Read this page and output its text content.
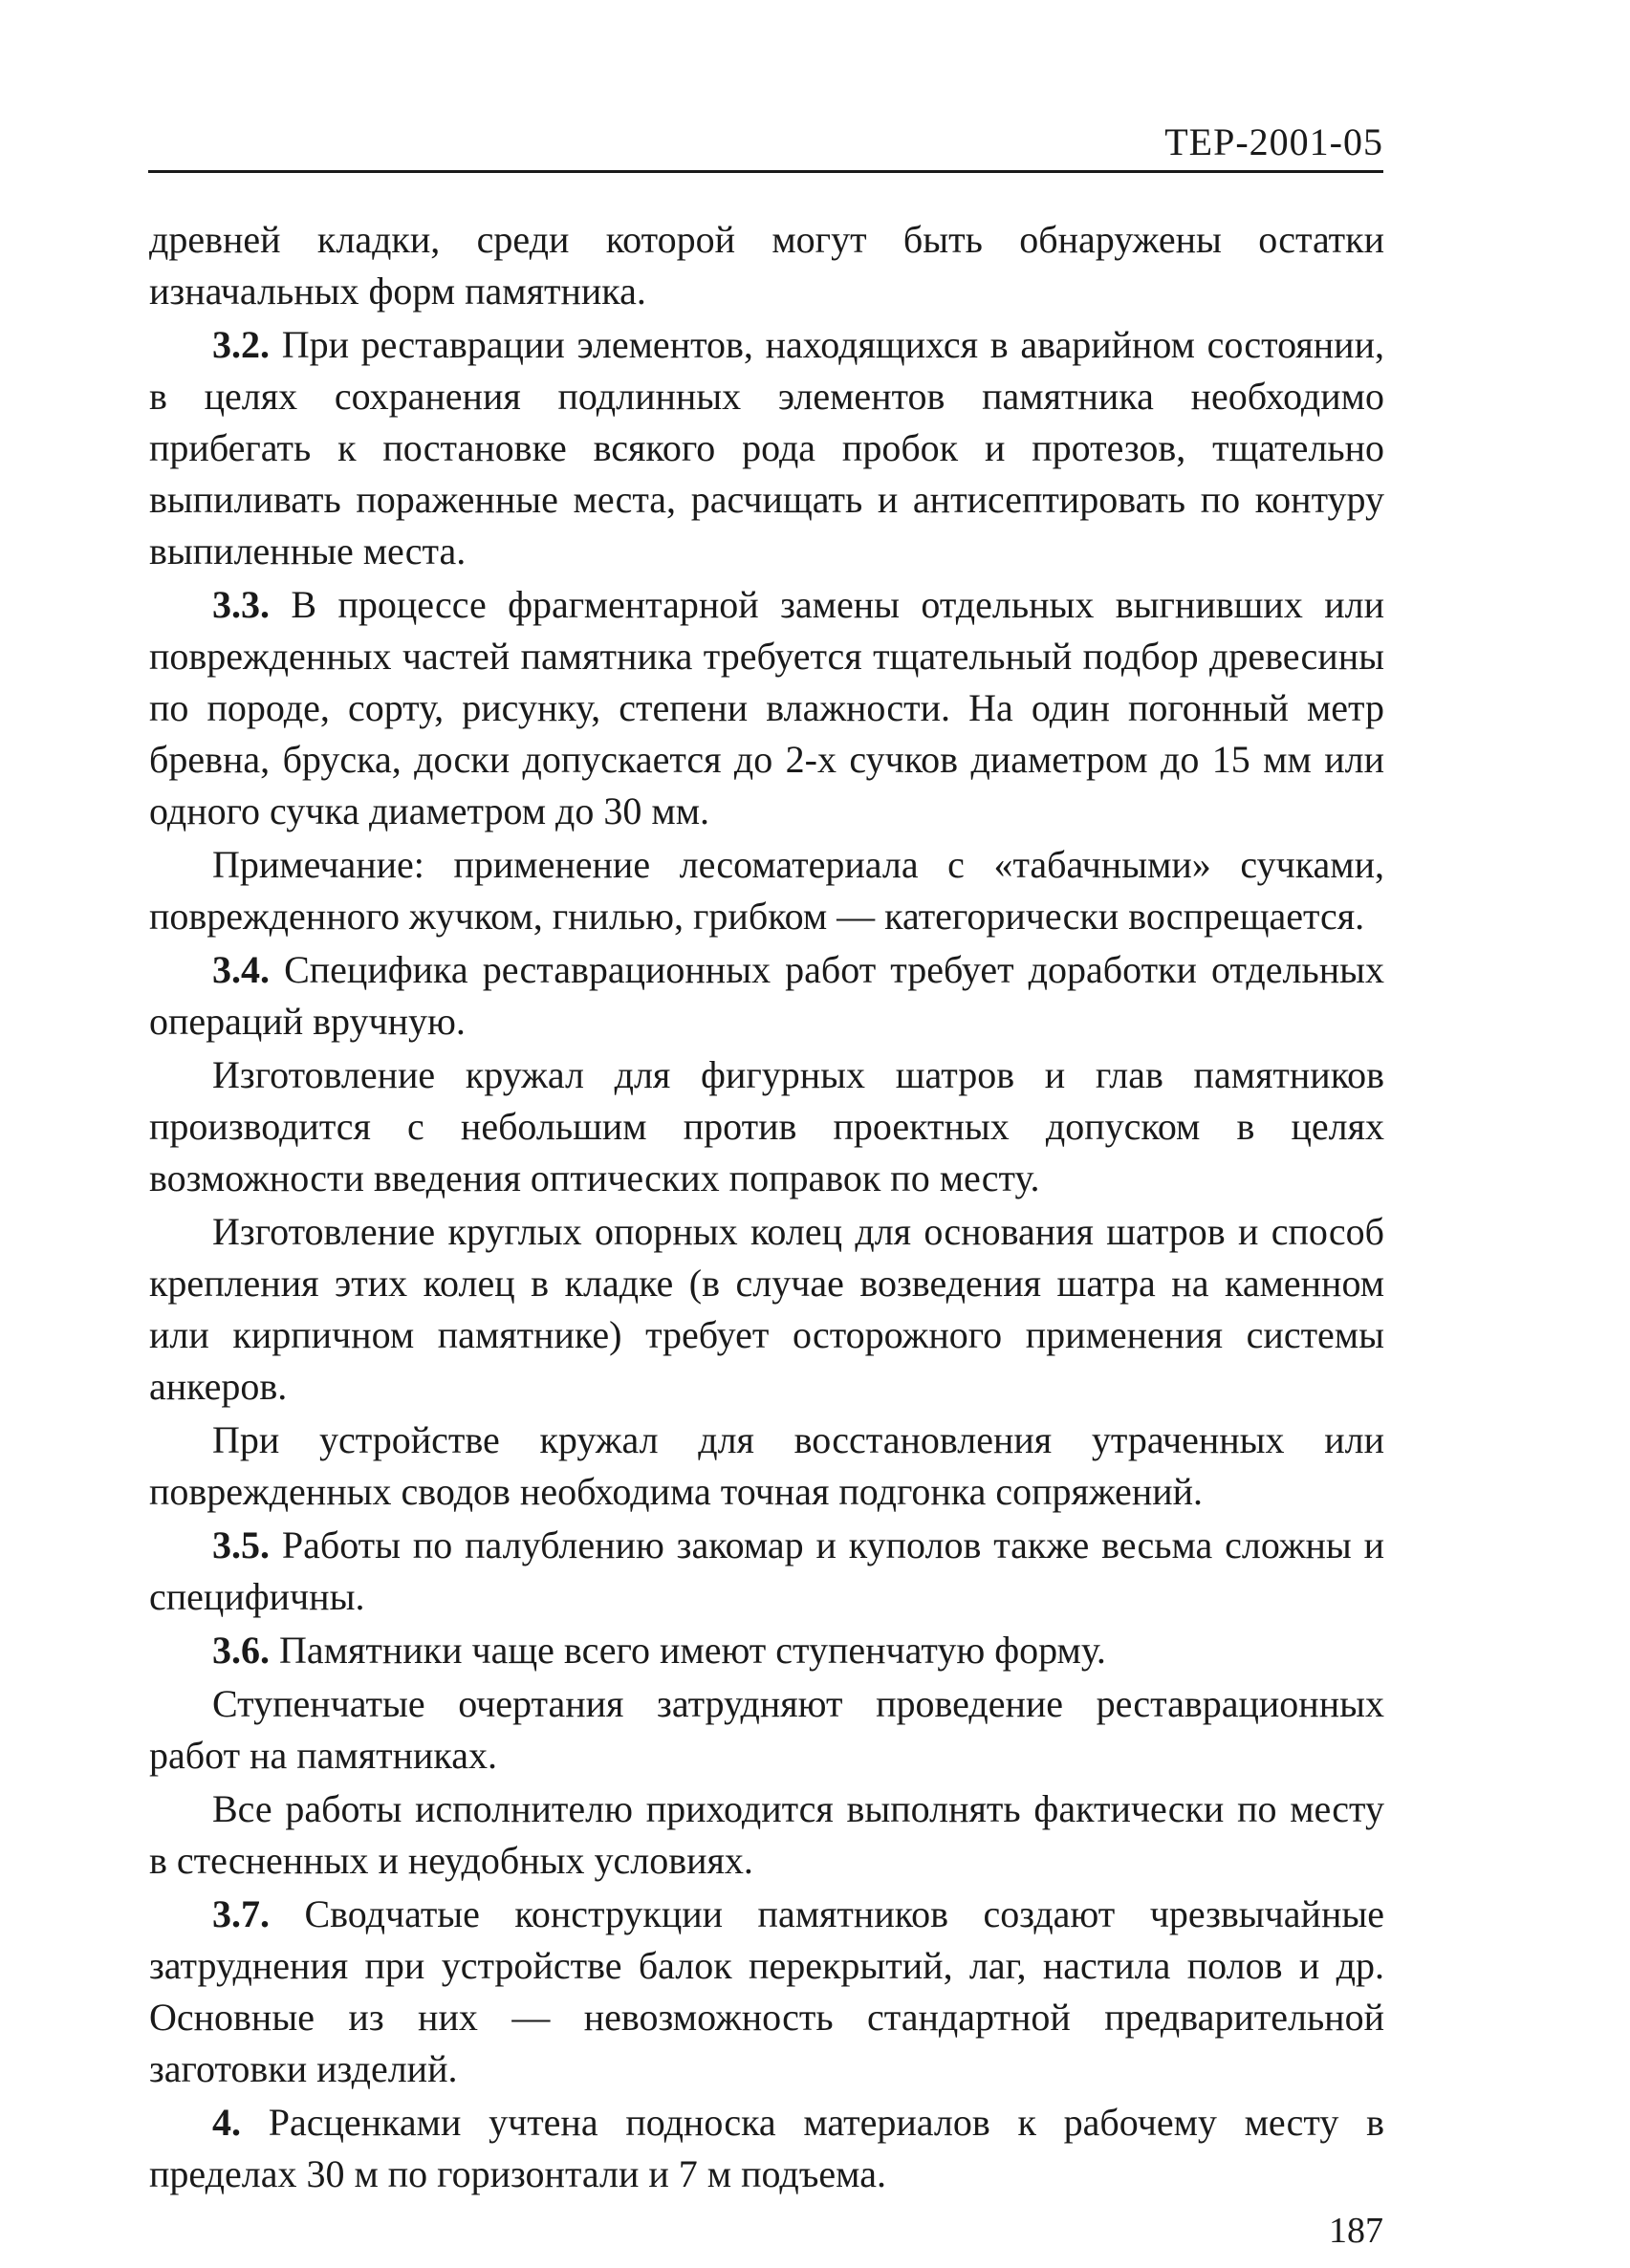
ТЕР-2001-05

древней кладки, среди которой могут быть обнаружены остатки изначальных форм памятника.

3.2. При реставрации элементов, находящихся в аварийном состоянии, в целях сохранения подлинных элементов памятника необходимо прибегать к постановке всякого рода пробок и протезов, тщательно выпиливать пораженные места, расчищать и антисептировать по контуру выпиленные места.

3.3. В процессе фрагментарной замены отдельных выгнивших или поврежденных частей памятника требуется тщательный подбор древесины по породе, сорту, рисунку, степени влажности. На один погонный метр бревна, бруска, доски допускается до 2-х сучков диаметром до 15 мм или одного сучка диаметром до 30 мм.

Примечание: применение лесоматериала с «табачными» сучками, поврежденного жучком, гнилью, грибком — категорически воспрещается.

3.4. Специфика реставрационных работ требует доработки отдельных операций вручную.

Изготовление кружал для фигурных шатров и глав памятников производится с небольшим против проектных допуском в целях возможности введения оптических поправок по месту.

Изготовление круглых опорных колец для основания шатров и способ крепления этих колец в кладке (в случае возведения шатра на каменном или кирпичном памятнике) требует осторожного применения системы анкеров.

При устройстве кружал для восстановления утраченных или поврежденных сводов необходима точная подгонка сопряжений.

3.5. Работы по палублению закомар и куполов также весьма сложны и специфичны.

3.6. Памятники чаще всего имеют ступенчатую форму.

Ступенчатые очертания затрудняют проведение реставрационных работ на памятниках.

Все работы исполнителю приходится выполнять фактически по месту в стесненных и неудобных условиях.

3.7. Сводчатые конструкции памятников создают чрезвычайные затруднения при устройстве балок перекрытий, лаг, настила полов и др. Основные из них — невозможность стандартной предварительной заготовки изделий.

4. Расценками учтена подноска материалов к рабочему месту в пределах 30 м по горизонтали и 7 м подъема.

187
